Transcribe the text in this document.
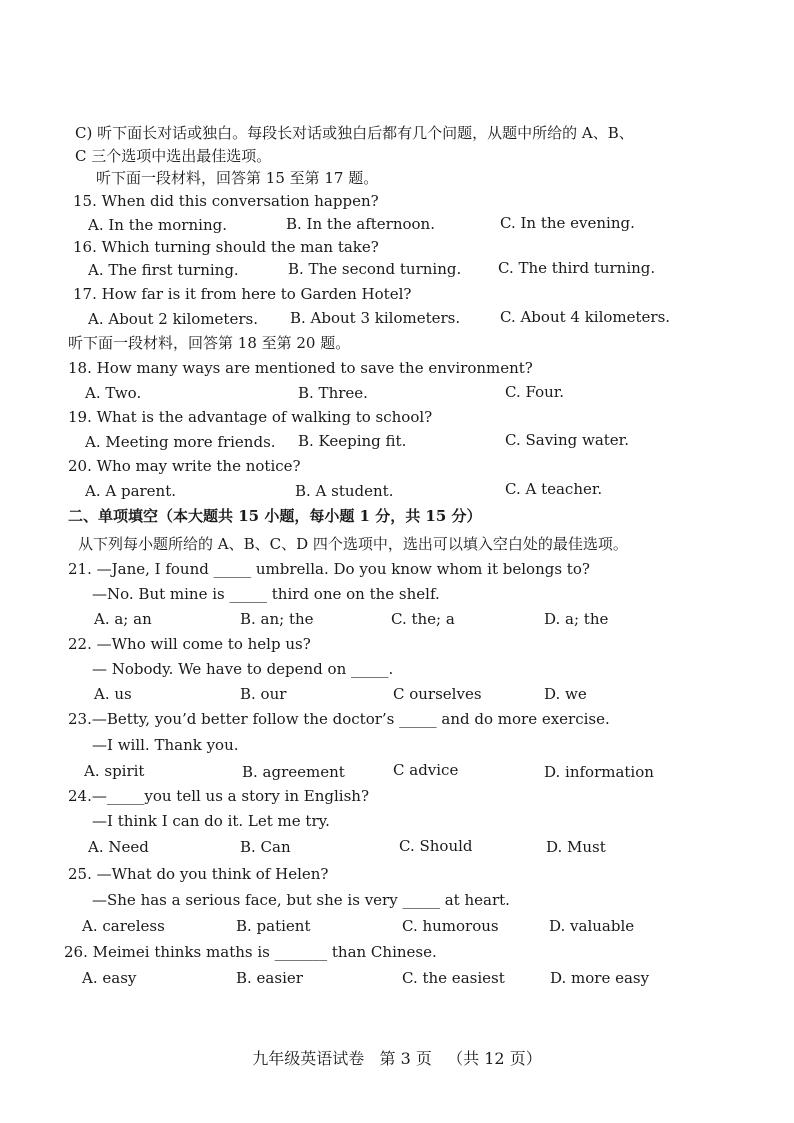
C) 听下面长对话或独白。每段长对话或独白后都有几个问题，从题中所给的 A、B、
C 三个选项中选出最佳选项。
听下面一段材料，回答第 15 至第 17 题。
15. When did this conversation happen?
A. In the morning.	B. In the afternoon.	C. In the evening.
16. Which turning should the man take?
A. The first turning.	B. The second turning. C. The third turning.
17. How far is it from here to Garden Hotel?
A. About 2 kilometers. B. About 3 kilometers.	C. About 4 kilometers.
听下面一段材料，回答第 18 至第 20 题。
18. How many ways are mentioned to save the environment?
A. Two.	B. Three.	C. Four.
19. What is the advantage of walking to school?
A. Meeting more friends. B. Keeping fit.	C. Saving water.
20. Who may write the notice?
A. A parent.	B. A student.	C. A teacher.
二、单项填空（本大题共 15 小题，每小题 1 分，共 15 分）
从下列每小题所给的 A、B、C、D 四个选项中，选出可以填入空白处的最佳选项。
21. —Jane, I found _____ umbrella. Do you know whom it belongs to?
—No. But mine is _____ third one on the shelf.
A. a; an	B. an; the	C. the; a	D. a; the
22. —Who will come to help us?
— Nobody. We have to depend on _____.
A. us	B. our	C ourselves	D. we
23.—Betty, you’d better follow the doctor’s _____ and do more exercise.
—I will. Thank you.
A. spirit	B. agreement	C advice	D. information
24.—_____you tell us a story in English?
—I think I can do it. Let me try.
A. Need	B. Can	C. Should	D. Must
25. —What do you think of Helen?
—She has a serious face, but she is very _____ at heart.
A. careless	B. patient	C. humorous	D. valuable
26. Meimei thinks maths is _______ than Chinese.
A. easy	B. easier	C. the easiest	D. more easy
九年级英语试卷   第 3 页   （共 12 页）
